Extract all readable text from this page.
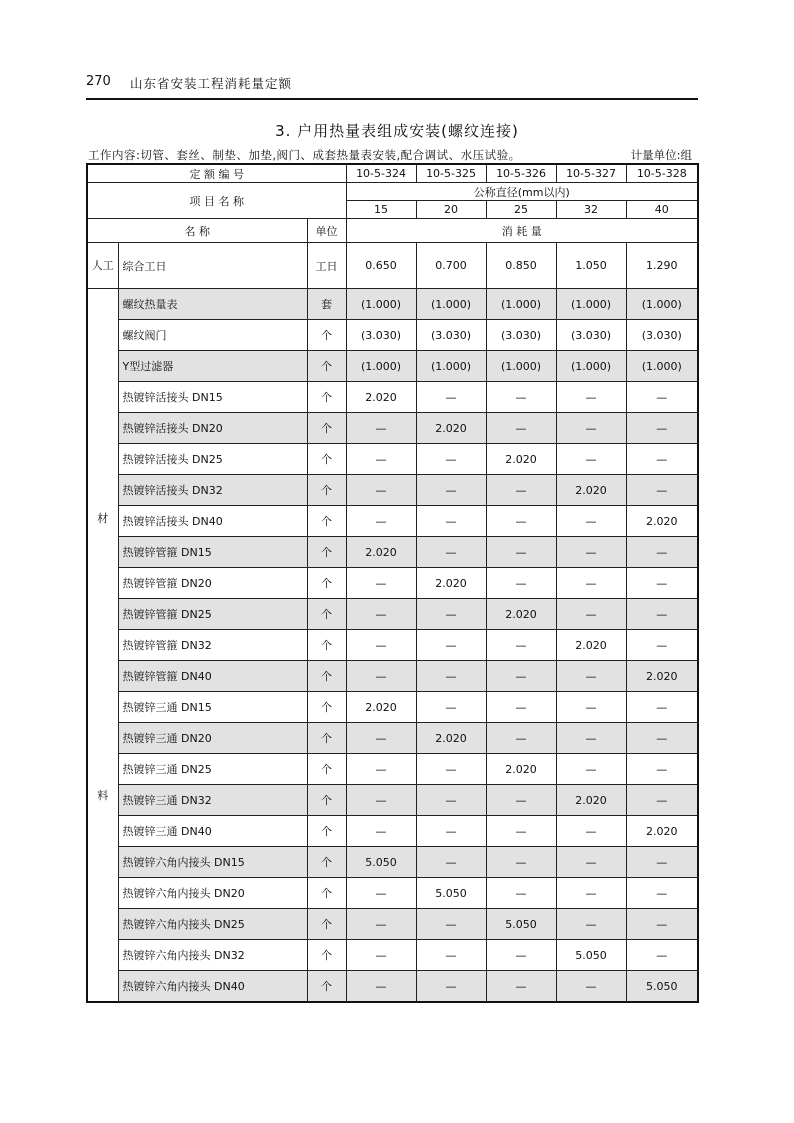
270 山东省安装工程消耗量定额
3. 户用热量表组成安装(螺纹连接)
工作内容:切管、套丝、制垫、加垫,阀门、成套热量表安装,配合调试、水压试验。	计量单位:组
定 额 编 号			10-5-324	10-5-325	10-5-326	10-5-327	10-5-328
项 目 名 称			公称直径(mm以内)				
			15	20	25	32	40
名 称		单位	消 耗 量				
人工	综合工日	工日	0.650	0.700	0.850	1.050	1.290

材
料	螺纹热量表	套	(1.000)	(1.000)	(1.000)	(1.000)	(1.000)
	螺纹阀门	个	(3.030)	(3.030)	(3.030)	(3.030)	(3.030)
	Y型过滤器	个	(1.000)	(1.000)	(1.000)	(1.000)	(1.000)
	热镀锌活接头 DN15	个	2.020	—	—	—	—
	热镀锌活接头 DN20	个	—	2.020	—	—	—
	热镀锌活接头 DN25	个	—	—	2.020	—	—
	热镀锌活接头 DN32	个	—	—	—	2.020	—
	热镀锌活接头 DN40	个	—	—	—	—	2.020
	热镀锌管箍 DN15	个	2.020	—	—	—	—
	热镀锌管箍 DN20	个	—	2.020	—	—	—
	热镀锌管箍 DN25	个	—	—	2.020	—	—
	热镀锌管箍 DN32	个	—	—	—	2.020	—
	热镀锌管箍 DN40	个	—	—	—	—	2.020
	热镀锌三通 DN15	个	2.020	—	—	—	—
	热镀锌三通 DN20	个	—	2.020	—	—	—
	热镀锌三通 DN25	个	—	—	2.020	—	—
	热镀锌三通 DN32	个	—	—	—	2.020	—
	热镀锌三通 DN40	个	—	—	—	—	2.020
	热镀锌六角内接头 DN15	个	5.050	—	—	—	—
	热镀锌六角内接头 DN20	个	—	5.050	—	—	—
	热镀锌六角内接头 DN25	个	—	—	5.050	—	—
	热镀锌六角内接头 DN32	个	—	—	—	5.050	—
	热镀锌六角内接头 DN40	个	—	—	—	—	5.050
